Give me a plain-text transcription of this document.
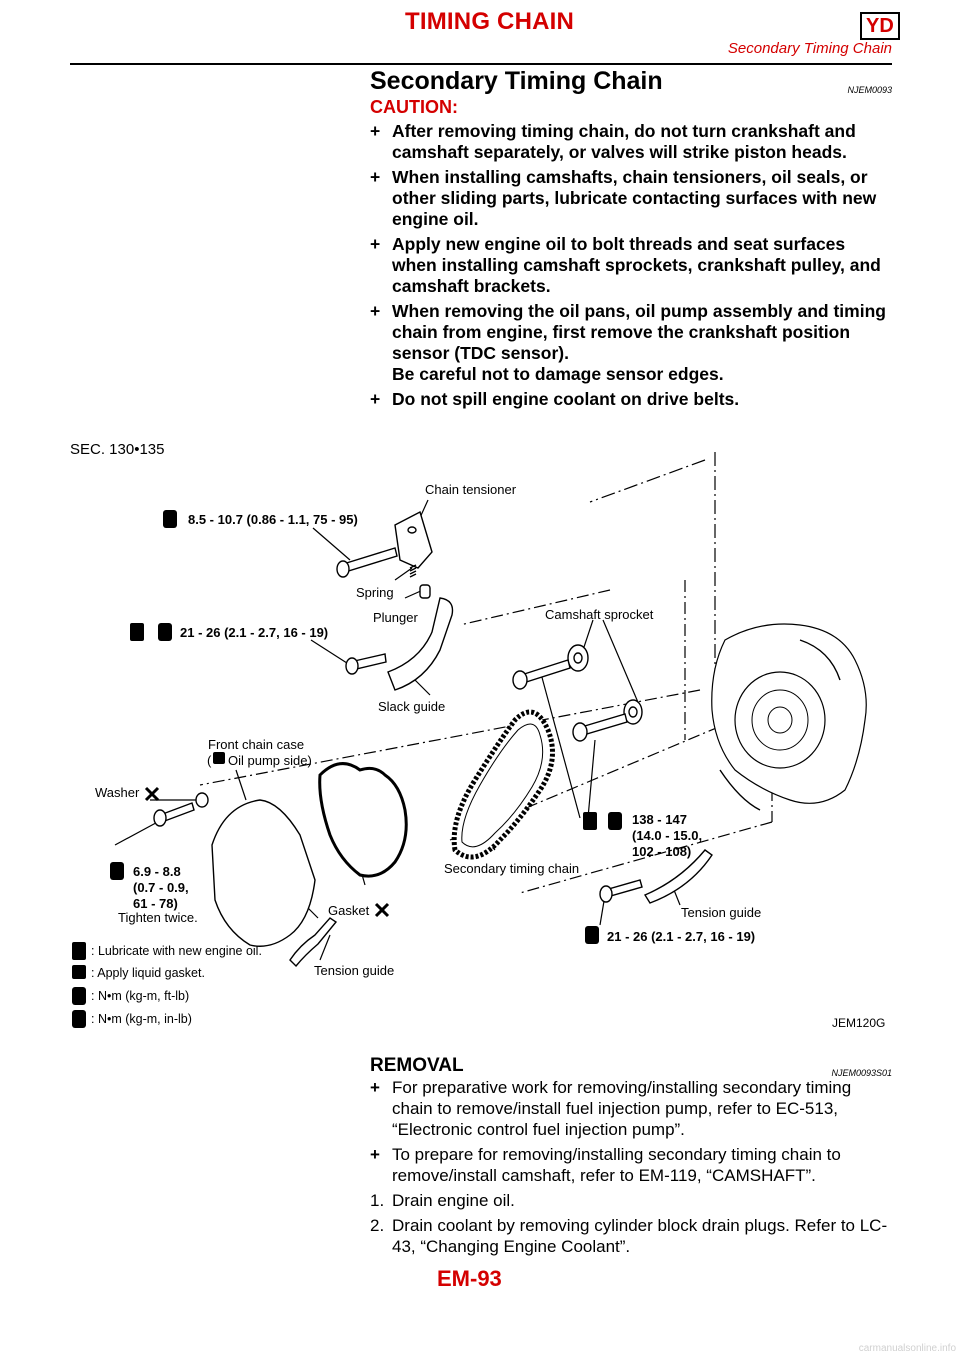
TIMING CHAIN	YD
Secondary Timing Chain
Secondary Timing Chain	NJEM0093
CAUTION:
+ After removing timing chain, do not turn crankshaft and camshaft separately, or valves will strike piston heads.
+ When installing camshafts, chain tensioners, oil seals, or other sliding parts, lubricate contacting surfaces with new engine oil.
+ Apply new engine oil to bolt threads and seat surfaces when installing camshaft sprockets, crankshaft pulley, and camshaft brackets.
+ When removing the oil pans, oil pump assembly and timing chain from engine, first remove the crankshaft position sensor (TDC sensor).
Be careful not to damage sensor edges.
+ Do not spill engine coolant on drive belts.
SEC. 130•135
Chain tensioner
8.5 - 10.7 (0.86 - 1.1, 75 - 95)
Spring
Plunger	Camshaft sprocket
21 - 26 (2.1 - 2.7, 16 - 19)
Slack guide
Front chain case
( Oil pump side)
Washer
138 - 147
(14.0 - 15.0,
102 - 108)
6.9 - 8.8
(0.7 - 0.9,
61 - 78)
Tighten twice.
Secondary timing chain
Gasket	Tension guide
21 - 26 (2.1 - 2.7, 16 - 19)
Tension guide
: Lubricate with new engine oil.
: Apply liquid gasket.
: N•m (kg-m, ft-lb)
: N•m (kg-m, in-lb)	JEM120G
REMOVAL	NJEM0093S01
+ For preparative work for removing/installing secondary timing chain to remove/install fuel injection pump, refer to EC-513, “Electronic control fuel injection pump”.
+ To prepare for removing/installing secondary timing chain to remove/install camshaft, refer to EM-119, “CAMSHAFT”.
1. Drain engine oil.
2. Drain coolant by removing cylinder block drain plugs. Refer to LC-43, “Changing Engine Coolant”.
EM-93
carmanualsonline.info
